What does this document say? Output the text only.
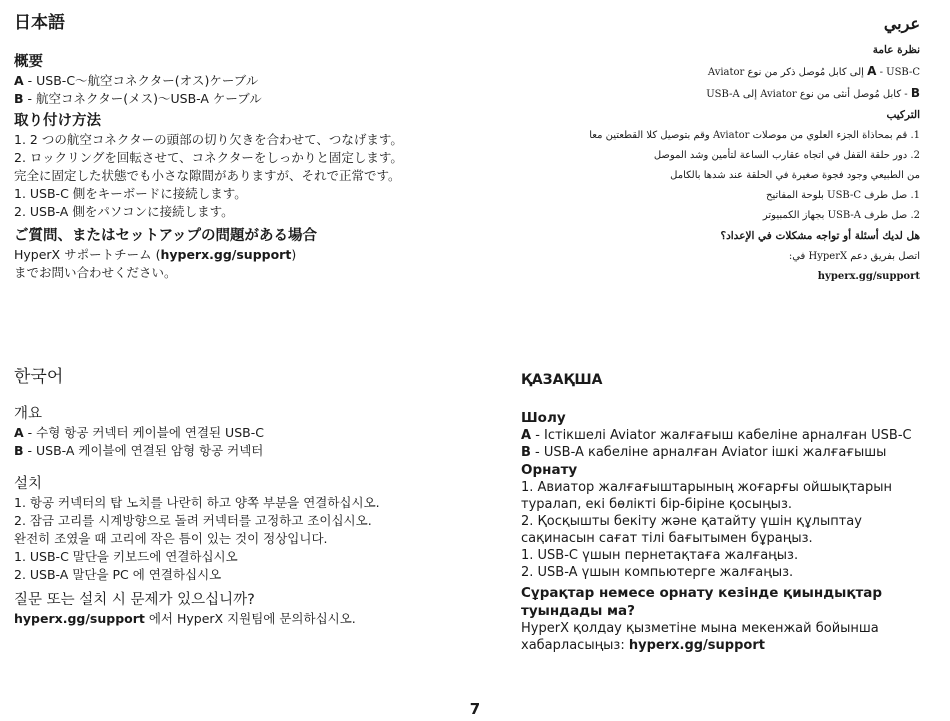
日本語
概要
A - USB-C〜航空コネクター(オス)ケーブル
B - 航空コネクター(メス)〜USB-A ケーブル
取り付け方法
1. 2 つの航空コネクターの頭部の切り欠きを合わせて、つなげます。
2. ロックリングを回転させて、コネクターをしっかりと固定します。
完全に固定した状態でも小さな隙間がありますが、それで正常です。
1. USB-C 側をキーボードに接続します。
2. USB-A 側をパソコンに接続します。
ご質問、またはセットアップの問題がある場合
HyperX サポートチーム (hyperx.gg/support)
までお問い合わせください。
عربي
نظرة عامة
A - USB-C إلى كابل مُوصل ذكر من نوع Aviator
B - كابل مُوصل أنثى من نوع Aviator إلى USB-A
التركيب
1. قم بمحاذاة الجزء العلوي من موصلات Aviator وقم بتوصيل كلا القطعتين معا
2. دور حلقة القفل في اتجاه عقارب الساعة لتأمين وشد الموصل
من الطبيعي وجود فجوة صغيرة في الحلقة عند شدها بالكامل
1. صل طرف USB-C بلوحة المفاتيح
2. صل طرف USB-A بجهاز الكمبيوتر
هل لديك أسئلة أو تواجه مشكلات في الإعداد؟
اتصل بفريق دعم HyperX في:
hyperx.gg/support
한국어
개요
A - 수형 항공 커넥터 케이블에 연결된 USB-C
B - USB-A 케이블에 연결된 암형 항공 커넥터
설치
1. 항공 커넥터의 탑 노치를 나란히 하고 양쪽 부분을 연결하십시오.
2. 잠금 고리를 시계방향으로 돌려 커넥터를 고정하고 조이십시오.
완전히 조였을 때 고리에 작은 틈이 있는 것이 정상입니다.
1. USB-C 말단을 키보드에 연결하십시오
2. USB-A 말단을 PC 에 연결하십시오
질문 또는 설치 시 문제가 있으십니까?
hyperx.gg/support 에서 HyperX 지원팀에 문의하십시오.
ҚАЗАҚША
Шолу
A - Істікшелі Aviator жалғағыш кабеліне арналған USB-C
B - USB-A кабеліне арналған Aviator ішкі жалғағышы
Орнату
1. Авиатор жалғағыштарының жоғарғы ойшықтарын туралап, екі бөлікті бір-біріне қосыңыз.
2. Қосқышты бекіту және қатайту үшін құлыптау сақинасын сағат тілі бағытымен бұраңыз.
1. USB-C үшын пернетақтаға жалғаңыз.
2. USB-A үшын компьютерге жалғаңыз.
Сұрақтар немесе орнату кезінде қиындықтар туындады ма?
HyperX қолдау қызметіне мына мекенжай бойынша хабарласыңыз: hyperx.gg/support
7
